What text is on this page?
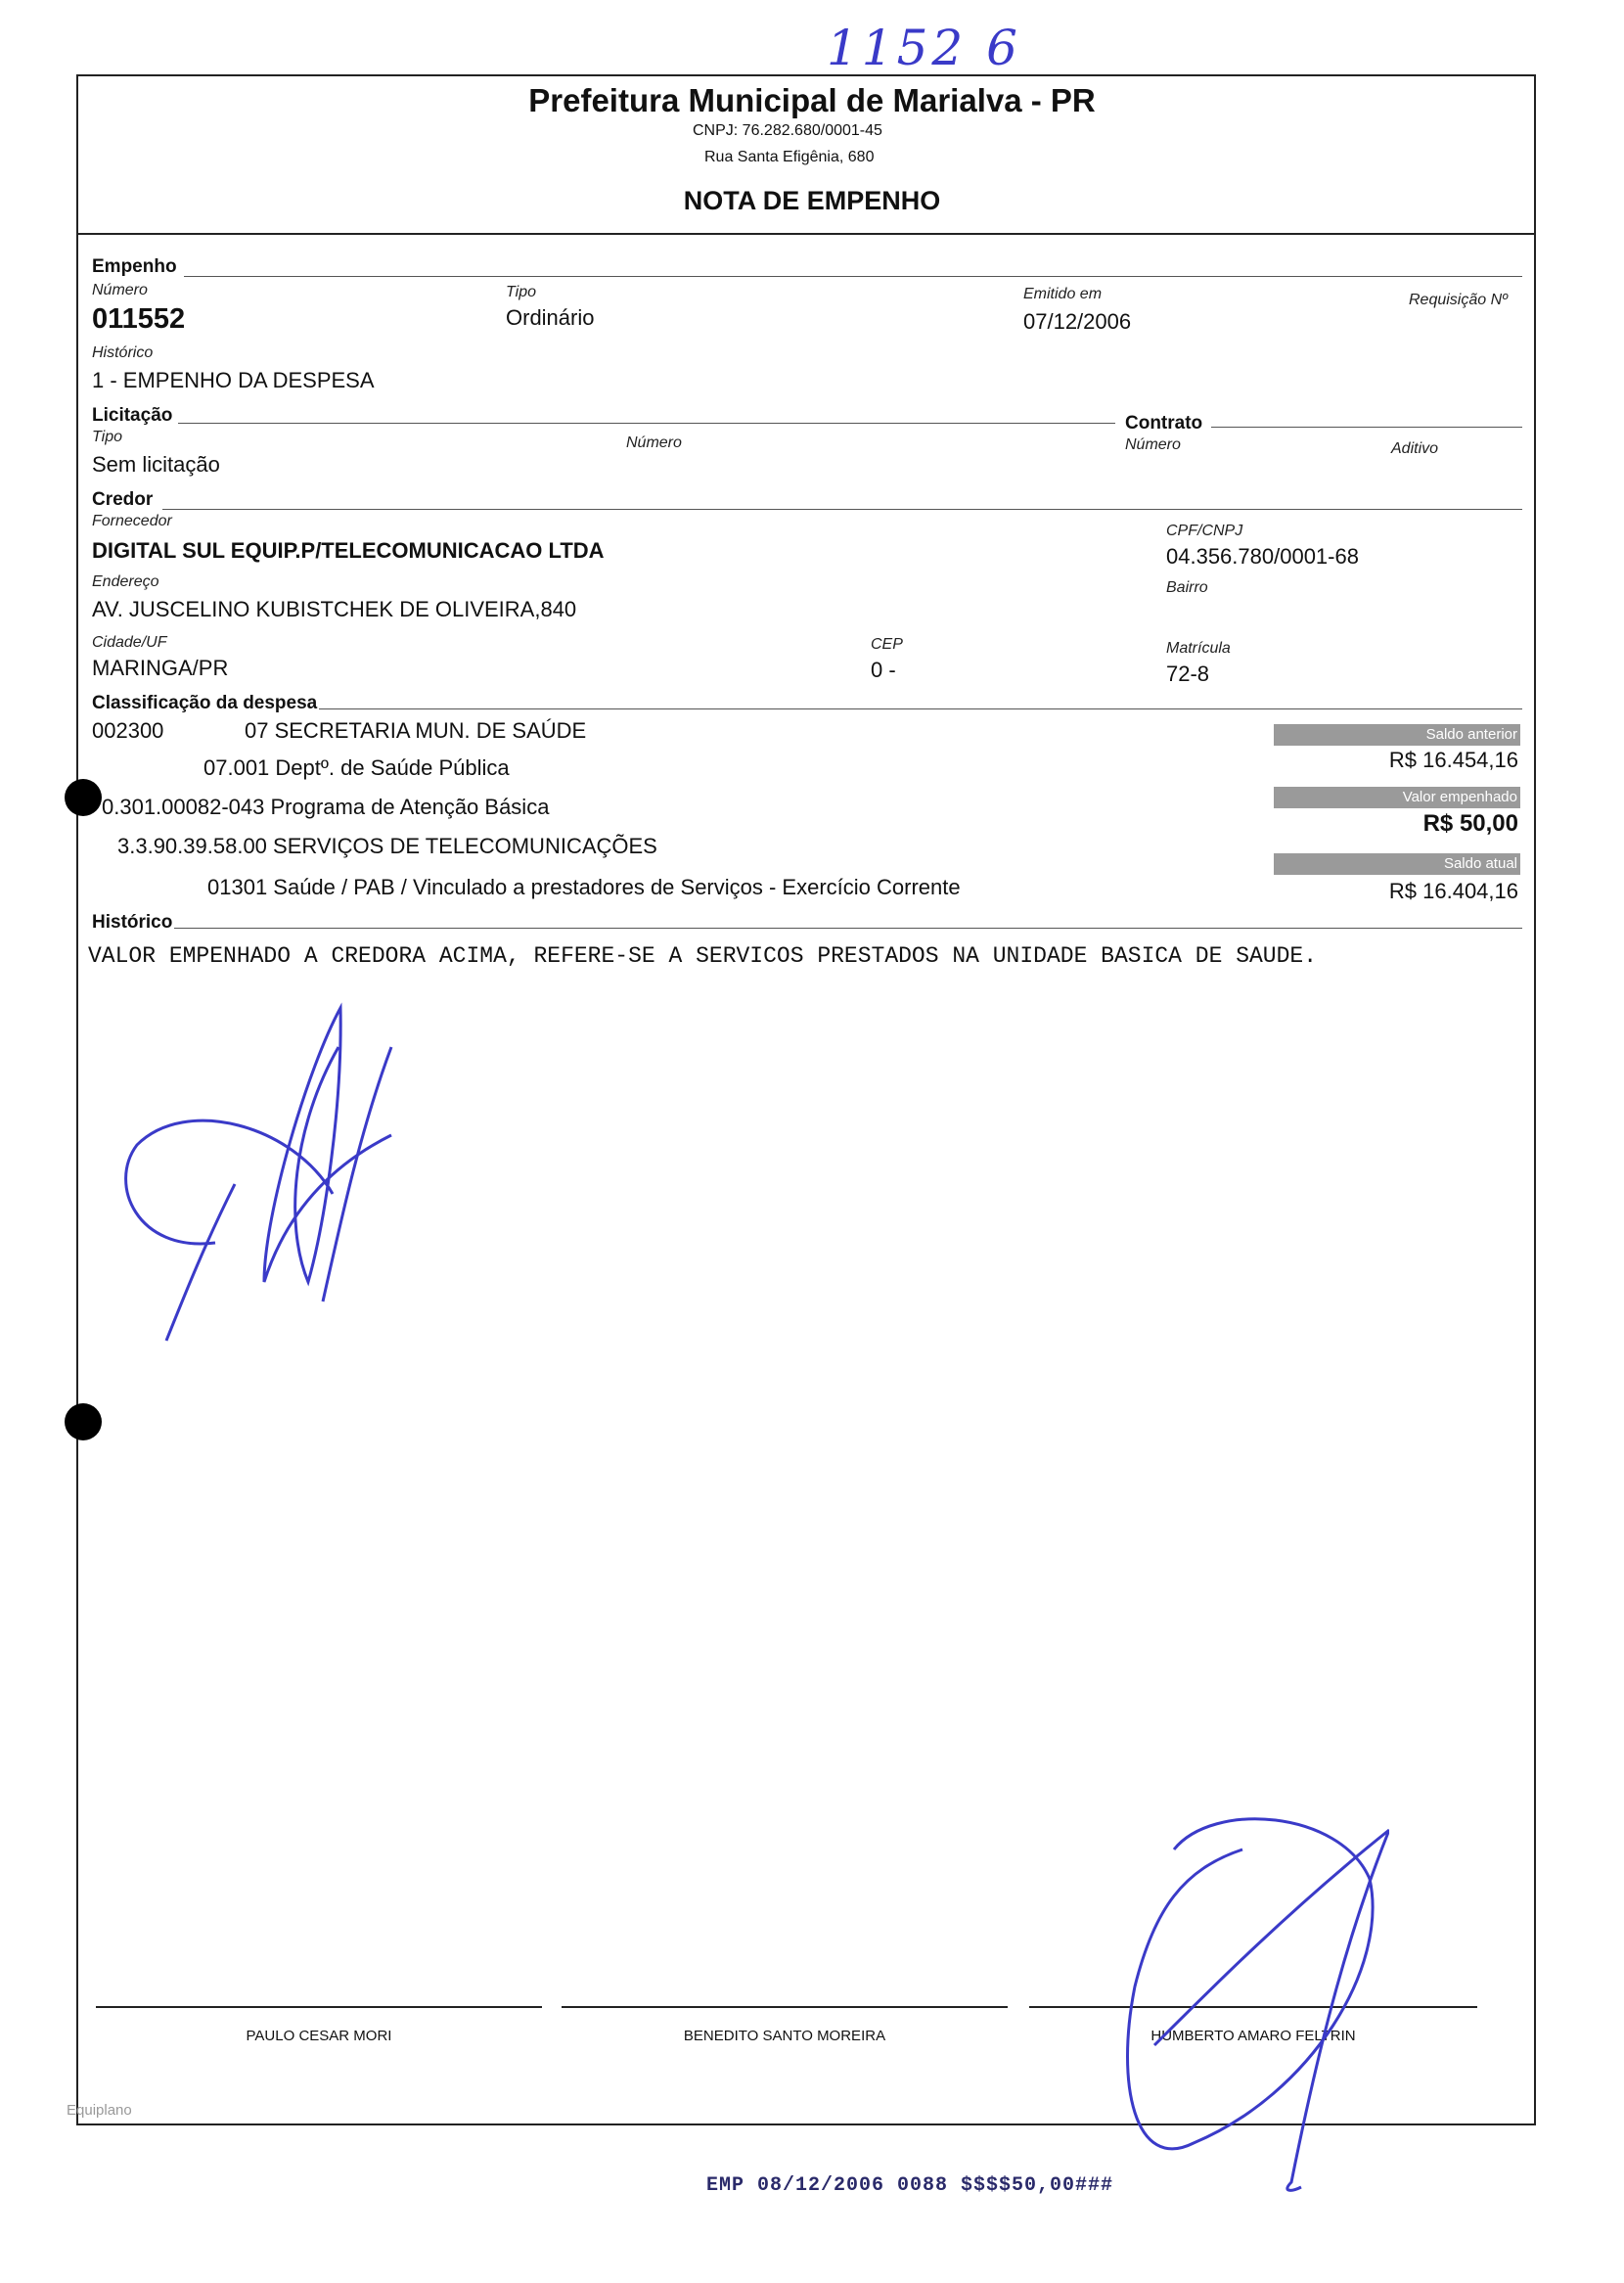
1152 6
Prefeitura Municipal de Marialva - PR
CNPJ: 76.282.680/0001-45
Rua Santa Efigênia, 680
NOTA DE EMPENHO
Empenho
Número
011552
Tipo
Ordinário
Emitido em
07/12/2006
Requisição Nº
Histórico
1 - EMPENHO DA DESPESA
Licitação
Tipo
Sem licitação
Número
Contrato
Número	Aditivo
Credor
Fornecedor
DIGITAL SUL EQUIP.P/TELECOMUNICACAO LTDA
CPF/CNPJ
04.356.780/0001-68
Endereço
AV. JUSCELINO KUBISTCHEK DE OLIVEIRA,840
Bairro
Cidade/UF
MARINGA/PR
CEP
0 -
Matrícula
72-8
Classificação da despesa
002300	07 SECRETARIA MUN. DE SAÚDE
07.001 Deptº. de Saúde Pública
0.301.00082-043 Programa de Atenção Básica
3.3.90.39.58.00 SERVIÇOS DE TELECOMUNICAÇÕES
01301 Saúde / PAB / Vinculado a prestadores de Serviços - Exercício Corrente
Saldo anterior
R$ 16.454,16
Valor empenhado
R$ 50,00
Saldo atual
R$ 16.404,16
Histórico
VALOR EMPENHADO A CREDORA ACIMA, REFERE-SE A SERVICOS PRESTADOS NA UNIDADE BASICA DE SAUDE.
PAULO CESAR MORI	BENEDITO SANTO MOREIRA	HUMBERTO AMARO FELTRIN
Equiplano
EMP 08/12/2006 0088 $$$$50,00###
